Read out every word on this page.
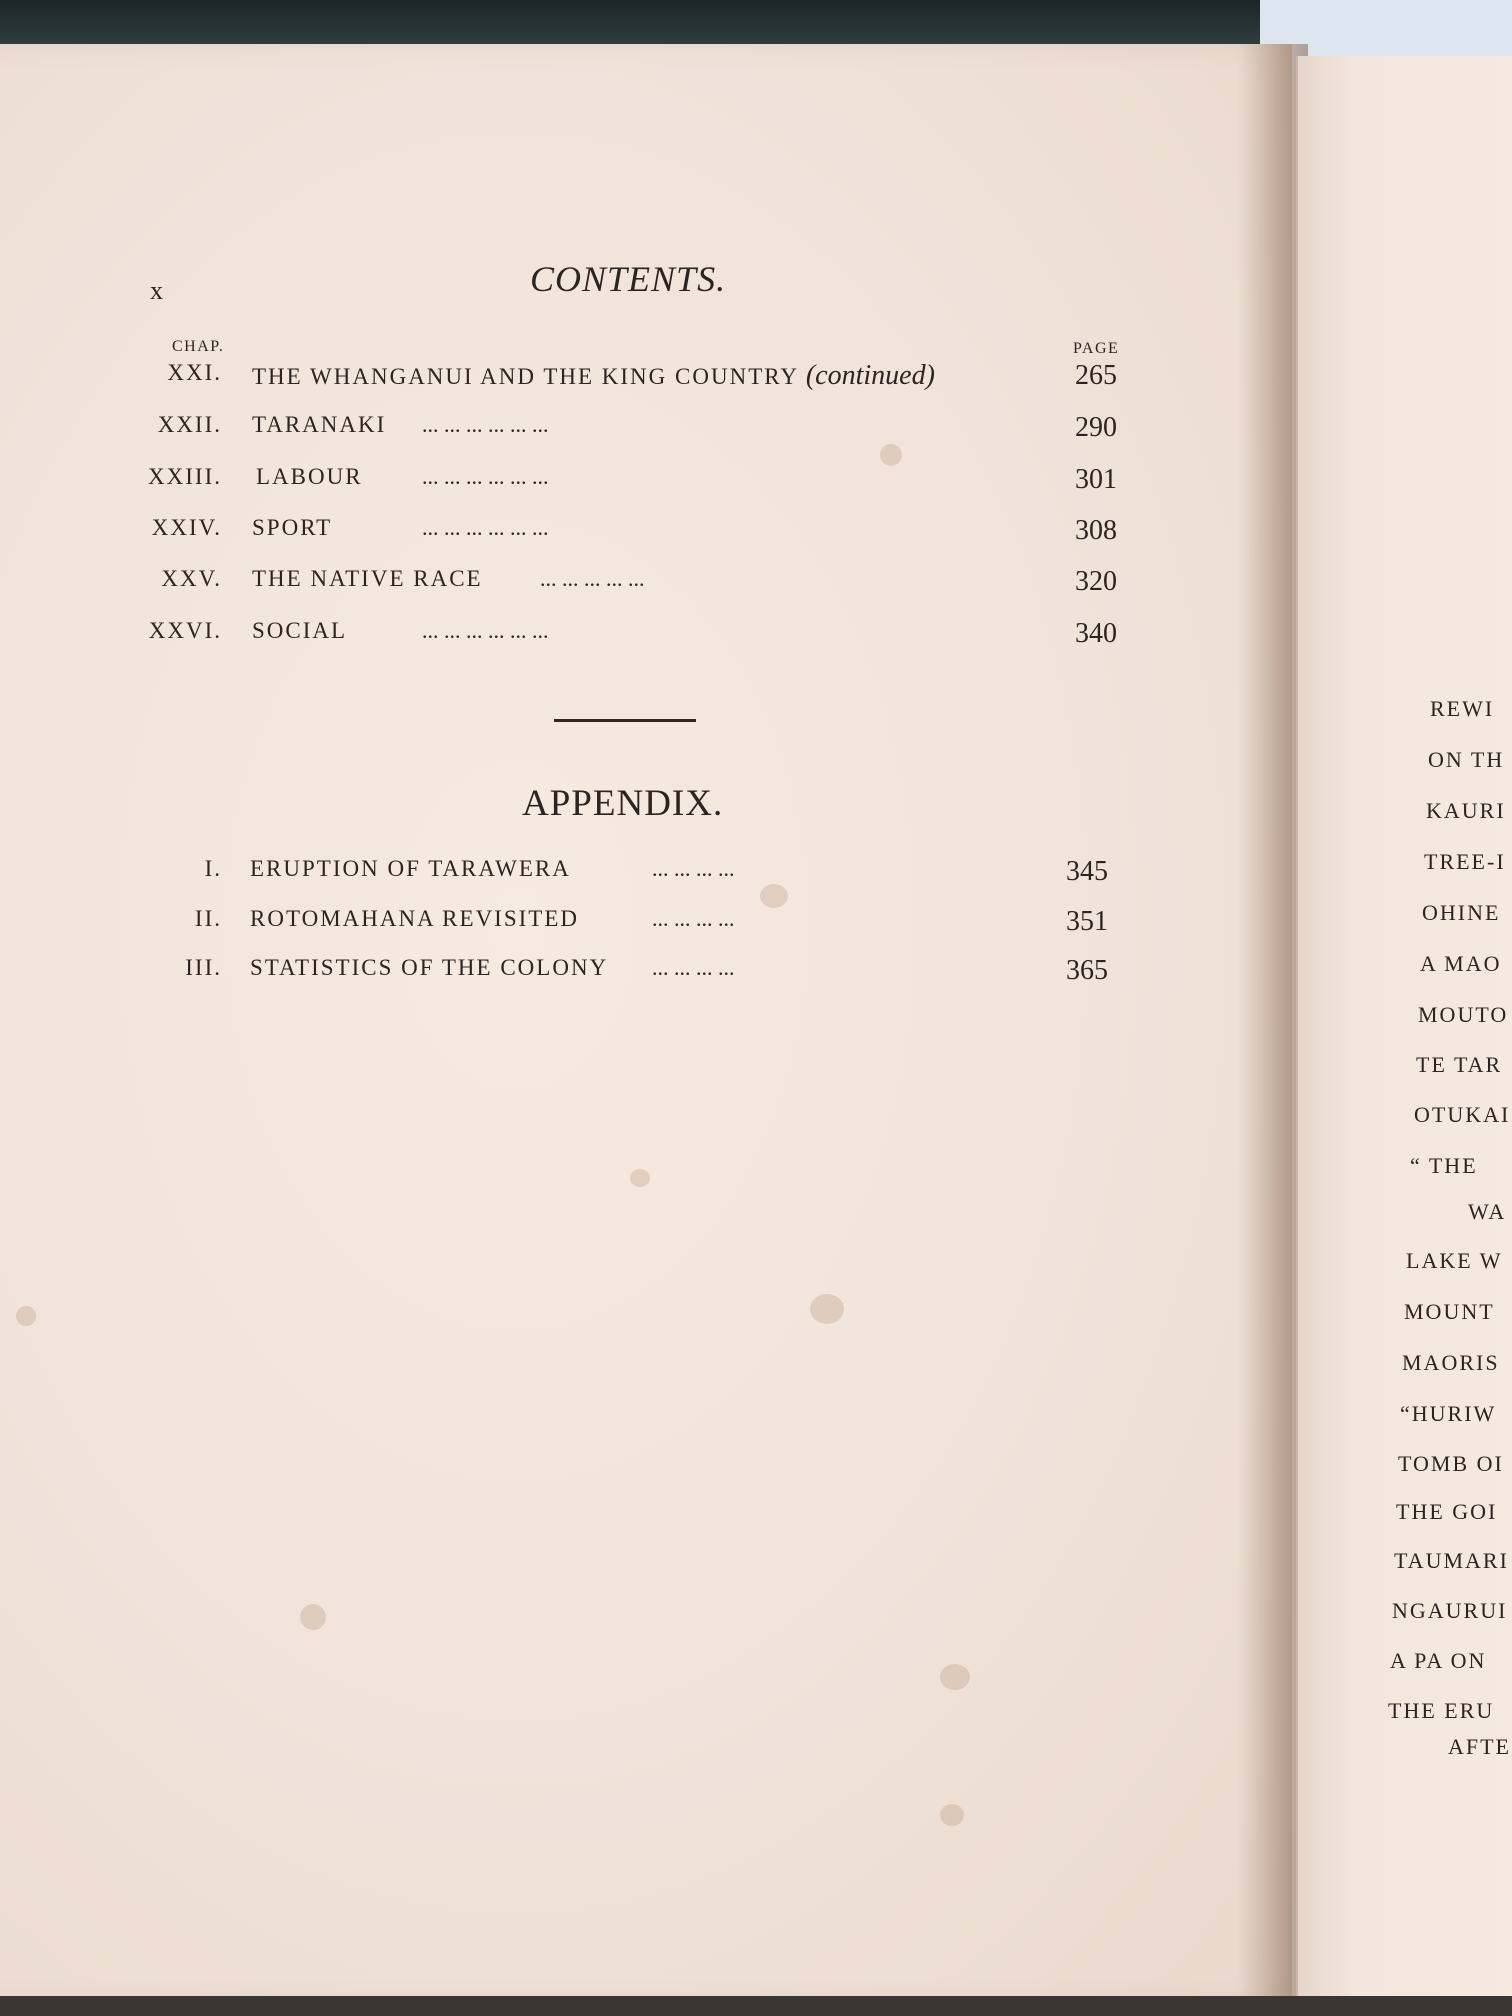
REWI
ON TH
KAURI
TREE-I
OHINE
A MAO
MOUTO
TE TAR
OTUKAI
“ THE
WA
LAKE W
MOUNT
MAORIS
“HURIW
TOMB OI
THE GOI
TAUMARI
NGAURUI
A PA ON
THE ERU
AFTE
x	CONTENTS.
CHAP.	PAGE
XXI. THE WHANGANUI AND THE KING COUNTRY (continued)	265
XXII. TARANAKI ... ... ... ... ... ...	290
XXIII. LABOUR	... ... ... ... ... ...	301
XXIV. SPORT	... ... ... ... ... ...	308
XXV. THE NATIVE RACE	... ... ... ... ...	320
XXVI. SOCIAL	... ... ... ... ... ...	340
APPENDIX.
I. ERUPTION OF TARAWERA	... ... ... ...	345
II. ROTOMAHANA REVISITED	... ... ... ...	351
III. STATISTICS OF THE COLONY ... ... ... ...	365
